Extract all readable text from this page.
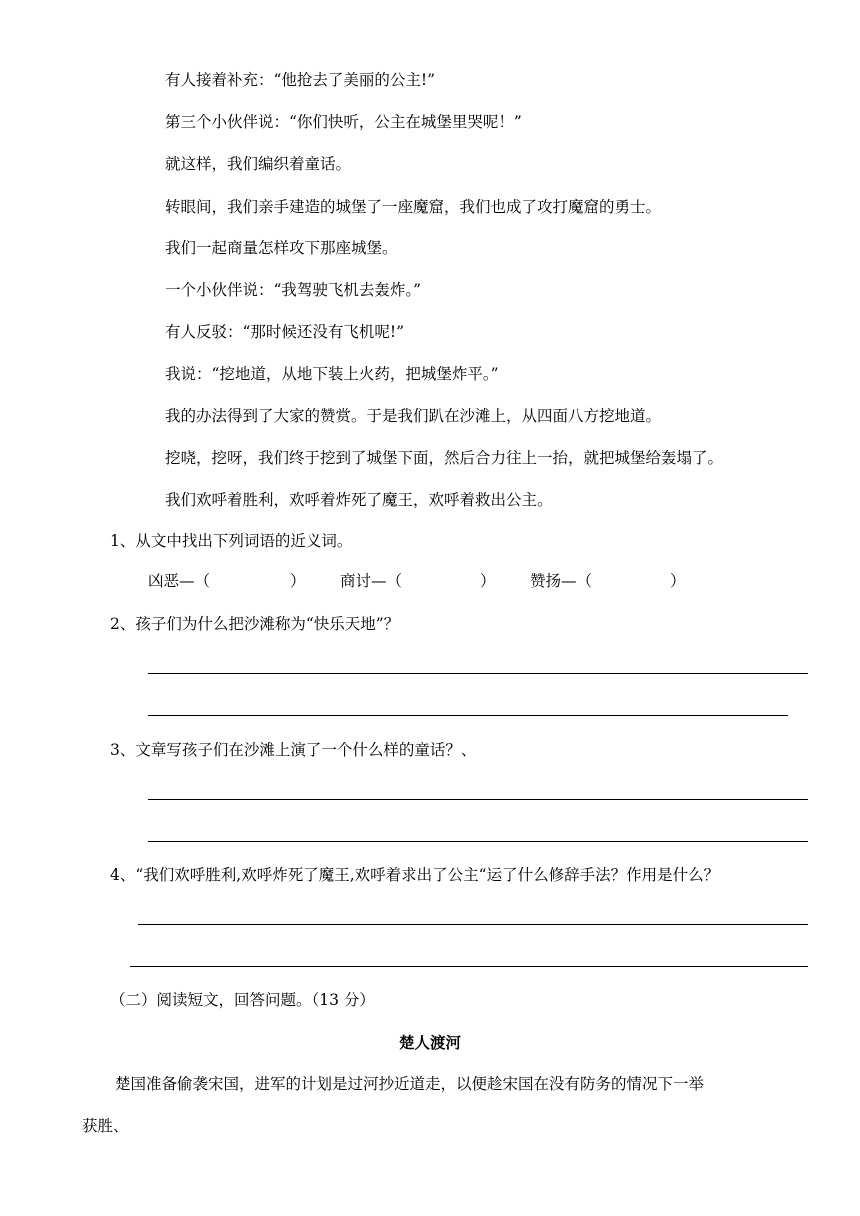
有人接着补充：“他抢去了美丽的公主!”
第三个小伙伴说：“你们快听，公主在城堡里哭呢！”
就这样，我们编织着童话。
转眼间，我们亲手建造的城堡了一座魔窟，我们也成了攻打魔窟的勇士。
我们一起商量怎样攻下那座城堡。
一个小伙伴说：“我驾驶飞机去轰炸。”
有人反驳：“那时候还没有飞机呢!”
我说：“挖地道，从地下装上火药，把城堡炸平。”
我的办法得到了大家的赞赏。于是我们趴在沙滩上，从四面八方挖地道。
挖哓，挖呀，我们终于挖到了城堡下面，然后合力往上一抬，就把城堡给轰塌了。
我们欢呼着胜利，欢呼着炸死了魔王，欢呼着救出公主。
1、从文中找出下列词语的近义词。
凶恶—（	） 商讨—（	） 赞扬—（	）
2、孩子们为什么把沙滩称为“快乐天地”？
3、文章写孩子们在沙滩上演了一个什么样的童话？、
4、“我们欢呼胜利,欢呼炸死了魔王,欢呼着求出了公主“运了什么修辞手法？作用是什么？
（二）阅读短文，回答问题。（13 分）
楚人渡河
楚国准备偷袭宋国，进军的计划是过河抄近道走，以便趁宋国在没有防务的情况下一举
获胜、
